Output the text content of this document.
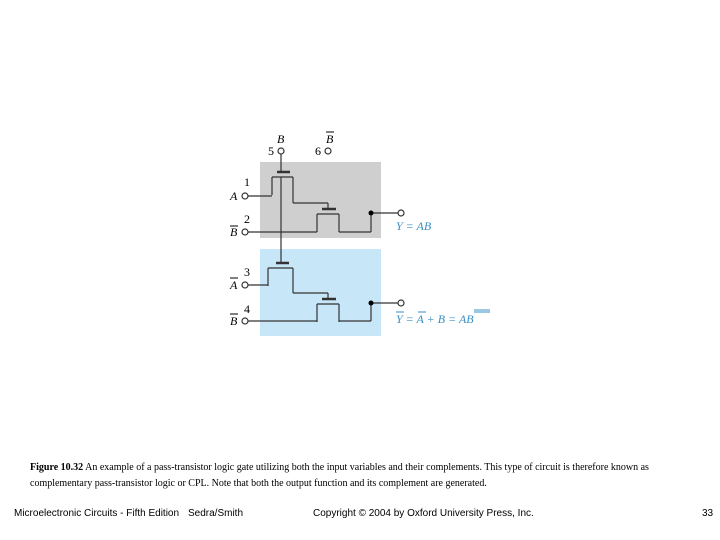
B
5
B
6
1
A
2
B
3
A
4
B
Y = AB
Y = A + B = AB
Figure 10.32 An example of a pass-transistor logic gate utilizing both the input variables and their complements. This type of circuit is therefore known as complementary pass-transistor logic or CPL. Note that both the output function and its complement are generated.
Microelectronic Circuits - Fifth Edition Sedra/Smith	Copyright © 2004 by Oxford University Press, Inc.	33
